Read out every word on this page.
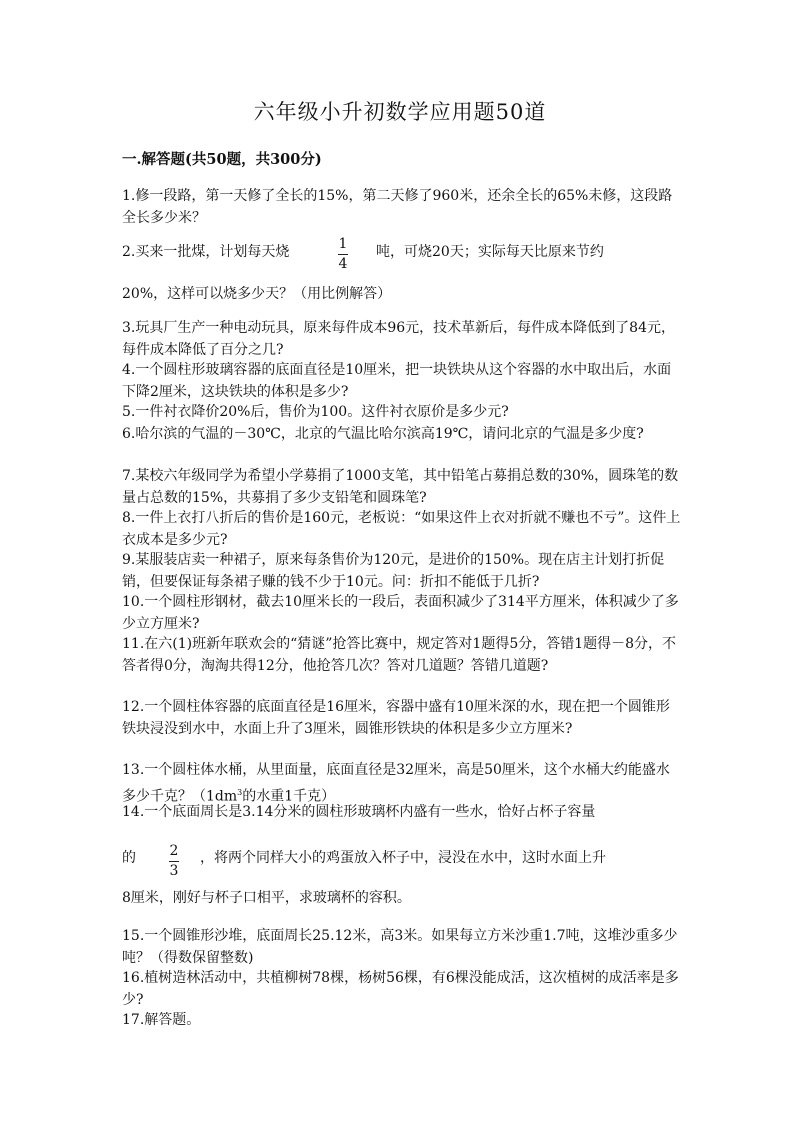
六年级小升初数学应用题50道
一.解答题(共50题，共300分)
1.修一段路，第一天修了全长的15%，第二天修了960米，还余全长的65%未修，这段路全长多少米？
2.买来一批煤，计划每天烧	1
4
吨，可烧20天；实际每天比原来节约
20%，这样可以烧多少天？（用比例解答）
3.玩具厂生产一种电动玩具，原来每件成本96元，技术革新后，每件成本降低到了84元，每件成本降低了百分之几?
4.一个圆柱形玻璃容器的底面直径是10厘米，把一块铁块从这个容器的水中取出后，水面下降2厘米，这块铁块的体积是多少?
5.一件衬衣降价20%后，售价为100。这件衬衣原价是多少元?
6.哈尔滨的气温的－30℃，北京的气温比哈尔滨高19℃，请问北京的气温是多少度?
7.某校六年级同学为希望小学募捐了1000支笔，其中铅笔占募捐总数的30%，圆珠笔的数量占总数的15%，共募捐了多少支铅笔和圆珠笔?
8.一件上衣打八折后的售价是160元，老板说：“如果这件上衣对折就不赚也不亏”。这件上衣成本是多少元?
9.某服装店卖一种裙子，原来每条售价为120元，是进价的150%。现在店主计划打折促销，但要保证每条裙子赚的钱不少于10元。问：折扣不能低于几折?
10.一个圆柱形钢材，截去10厘米长的一段后，表面积减少了314平方厘米，体积减少了多少立方厘米?
11.在六(1)班新年联欢会的“猜谜”抢答比赛中，规定答对1题得5分，答错1题得－8分，不答者得0分，淘淘共得12分，他抢答几次？答对几道题？答错几道题?
12.一个圆柱体容器的底面直径是16厘米，容器中盛有10厘米深的水，现在把一个圆锥形铁块浸没到水中，水面上升了3厘米，圆锥形铁块的体积是多少立方厘米?
13.一个圆柱体水桶，从里面量，底面直径是32厘米，高是50厘米，这个水桶大约能盛水多少千克？（$1dm^3$的水重1千克）
14.一个底面周长是3.14分米的圆柱形玻璃杯内盛有一些水，恰好占杯子容量
的 2
3
，将两个同样大小的鸡蛋放入杯子中，浸没在水中，这时水面上升
8厘米，刚好与杯子口相平，求玻璃杯的容积。
15.一个圆锥形沙堆，底面周长25.12米，高3米。如果每立方米沙重1.7吨，这堆沙重多少吨？（得数保留整数)
16.植树造林活动中，共植柳树78棵，杨树56棵，有6棵没能成活，这次植树的成活率是多少?
17.解答题。
